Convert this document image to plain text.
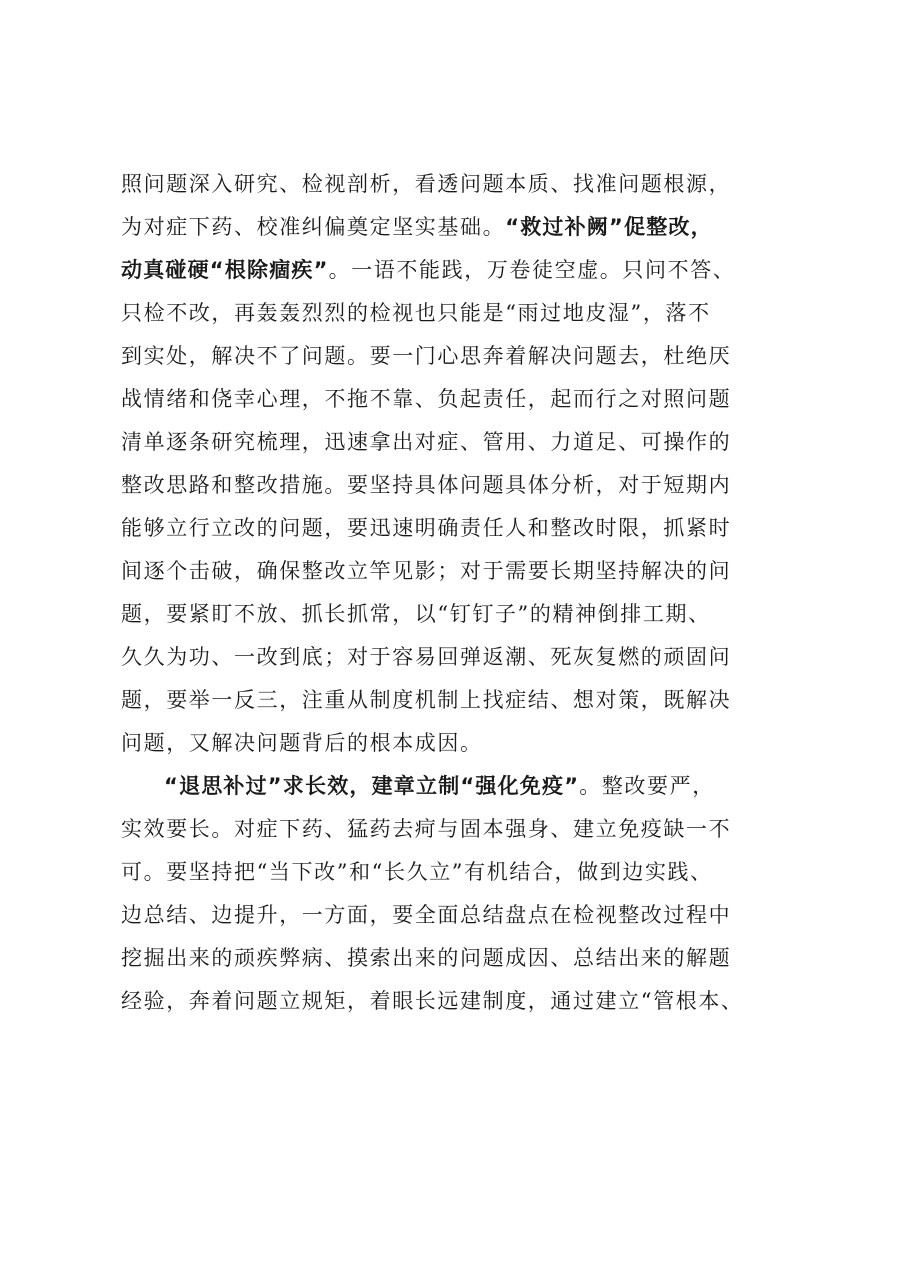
照问题深入研究、检视剖析，看透问题本质、找准问题根源，
为对症下药、校准纠偏奠定坚实基础。“救过补阙”促整改，
动真碰硬“根除痼疾”。一语不能践，万卷徒空虚。只问不答、
只检不改，再轰轰烈烈的检视也只能是“雨过地皮湿”，落不
到实处，解决不了问题。要一门心思奔着解决问题去，杜绝厌
战情绪和侥幸心理，不拖不靠、负起责任，起而行之对照问题
清单逐条研究梳理，迅速拿出对症、管用、力道足、可操作的
整改思路和整改措施。要坚持具体问题具体分析，对于短期内
能够立行立改的问题，要迅速明确责任人和整改时限，抓紧时
间逐个击破，确保整改立竿见影；对于需要长期坚持解决的问
题，要紧盯不放、抓长抓常，以“钉钉子”的精神倒排工期、
久久为功、一改到底；对于容易回弹返潮、死灰复燃的顽固问
题，要举一反三，注重从制度机制上找症结、想对策，既解决
问题，又解决问题背后的根本成因。
“退思补过”求长效，建章立制“强化免疫”。整改要严，
实效要长。对症下药、猛药去疴与固本强身、建立免疫缺一不
可。要坚持把“当下改”和“长久立”有机结合，做到边实践、
边总结、边提升，一方面，要全面总结盘点在检视整改过程中
挖掘出来的顽疾弊病、摸索出来的问题成因、总结出来的解题
经验，奔着问题立规矩，着眼长远建制度，通过建立“管根本、
